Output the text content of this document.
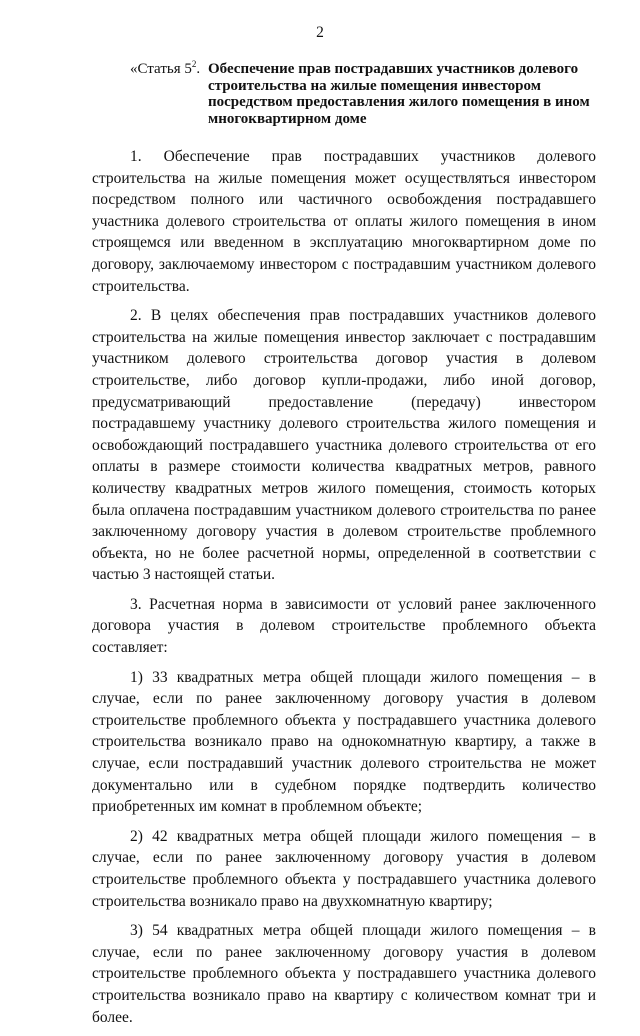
2
«Статья $5^2$. Обеспечение прав пострадавших участников долевого строительства на жилые помещения инвестором посредством предоставления жилого помещения в ином многоквартирном доме

1. Обеспечение прав пострадавших участников долевого строительства на жилые помещения может осуществляться инвестором посредством полного или частичного освобождения пострадавшего участника долевого строительства от оплаты жилого помещения в ином строящемся или введенном в эксплуатацию многоквартирном доме по договору, заключаемому инвестором с пострадавшим участником долевого строительства.

2. В целях обеспечения прав пострадавших участников долевого строительства на жилые помещения инвестор заключает с пострадавшим участником долевого строительства договор участия в долевом строительстве, либо договор купли-продажи, либо иной договор, предусматривающий предоставление (передачу) инвестором пострадавшему участнику долевого строительства жилого помещения и освобождающий пострадавшего участника долевого строительства от его оплаты в размере стоимости количества квадратных метров, равного количеству квадратных метров жилого помещения, стоимость которых была оплачена пострадавшим участником долевого строительства по ранее заключенному договору участия в долевом строительстве проблемного объекта, но не более расчетной нормы, определенной в соответствии с частью 3 настоящей статьи.

3. Расчетная норма в зависимости от условий ранее заключенного договора участия в долевом строительстве проблемного объекта составляет:

1) 33 квадратных метра общей площади жилого помещения – в случае, если по ранее заключенному договору участия в долевом строительстве проблемного объекта у пострадавшего участника долевого строительства возникало право на однокомнатную квартиру, а также в случае, если пострадавший участник долевого строительства не может документально или в судебном порядке подтвердить количество приобретенных им комнат в проблемном объекте;

2) 42 квадратных метра общей площади жилого помещения – в случае, если по ранее заключенному договору участия в долевом строительстве проблемного объекта у пострадавшего участника долевого строительства возникало право на двухкомнатную квартиру;

3) 54 квадратных метра общей площади жилого помещения – в случае, если по ранее заключенному договору участия в долевом строительстве проблемного объекта у пострадавшего участника долевого строительства возникало право на квартиру с количеством комнат три и более.
